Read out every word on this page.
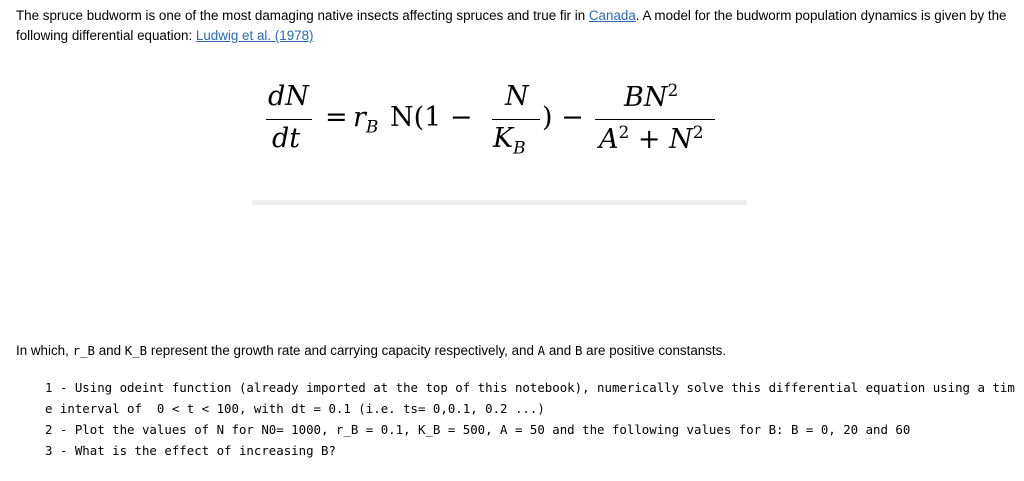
The spruce budworm is one of the most damaging native insects affecting spruces and true fir in Canada. A model for the budworm population dynamics is given by the following differential equation: Ludwig et al. (1978)
dN
dt
= $r_B$ N(1 −
N
$K_B$
) −
$BN^2$
$A^2 + N^2$
In which, r_B and K_B represent the growth rate and carrying capacity respectively, and A and B are positive constansts.
1 - Using odeint function (already imported at the top of this notebook), numerically solve this differential equation using a time interval of  0 < t < 100, with dt = 0.1 (i.e. ts= 0,0.1, 0.2 ...)
2 - Plot the values of N for N0= 1000, r_B = 0.1, K_B = 500, A = 50 and the following values for B: B = 0, 20 and 60
3 - What is the effect of increasing B?
